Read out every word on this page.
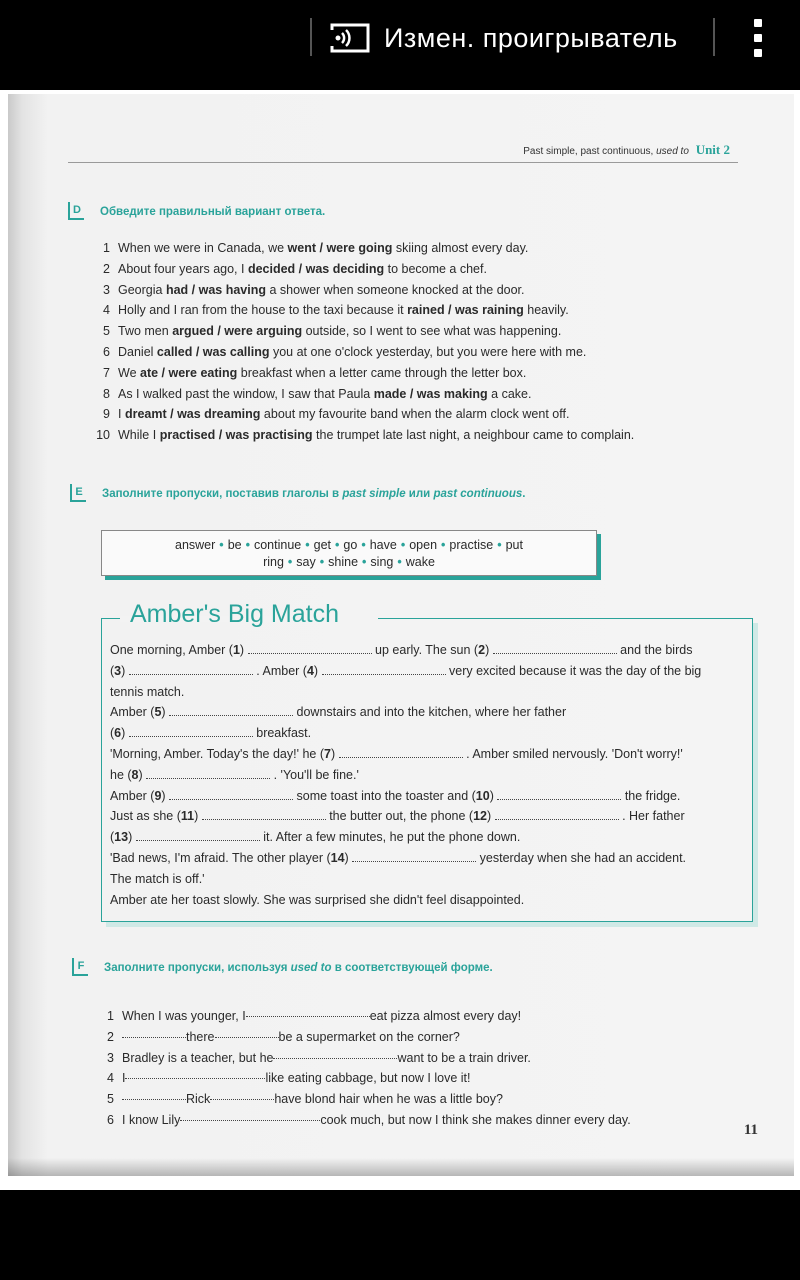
Измен. проигрыватель
Past simple, past continuous, used to Unit 2
D Обведите правильный вариант ответа.
1 When we were in Canada, we
went / were going
skiing almost every day.
2 About four years ago, I
decided / was deciding
to become a chef.
3 Georgia
had / was having
a shower when someone knocked at the door.
4 Holly and I ran from the house to the taxi because it
rained / was raining
heavily.
5 Two men
argued / were arguing
outside, so I went to see what was happening.
6 Daniel
called / was calling
you at one o'clock yesterday, but you were here with me.
7 We
ate / were eating
breakfast when a letter came through the letter box.
8 As I walked past the window, I saw that Paula
made / was making
a cake.
9 I
dreamt / was dreaming
about my favourite band when the alarm clock went off.
10 While I
practised / was practising
the trumpet late last night, a neighbour came to complain.
E Заполните пропуски, поставив глаголы в past simple или past continuous.
answer • be • continue • get • go • have • open • practise • put
ring • say • shine • sing • wake
Amber's Big Match
One morning, Amber (1)	up early. The sun (2)	and the birds
(3)	. Amber (4)	very excited because it was the day of the big
tennis match.
Amber (5)	downstairs and into the kitchen, where her father
(6)	breakfast.
'Morning, Amber. Today's the day!' he (7)	. Amber smiled nervously. 'Don't worry!'
he (8)	. 'You'll be fine.'
Amber (9)	some toast into the toaster and (10)	the fridge.
Just as she (11)	the butter out, the phone (12)	. Her father
(13)	it. After a few minutes, he put the phone down.
'Bad news, I'm afraid. The other player (14)	yesterday when she had an accident.
The match is off.'
Amber ate her toast slowly. She was surprised she didn't feel disappointed.
F	Заполните пропуски, используя used to в соответствующей форме.
1 When I was younger, I	eat pizza almost every day!
2	there	be a supermarket on the corner?
3 Bradley is a teacher, but he	want to be a train driver.
4 I	like eating cabbage, but now I love it!
5	Rick	have blond hair when he was a little boy?
6 I know Lily	cook much, but now I think she makes dinner every day.
11
